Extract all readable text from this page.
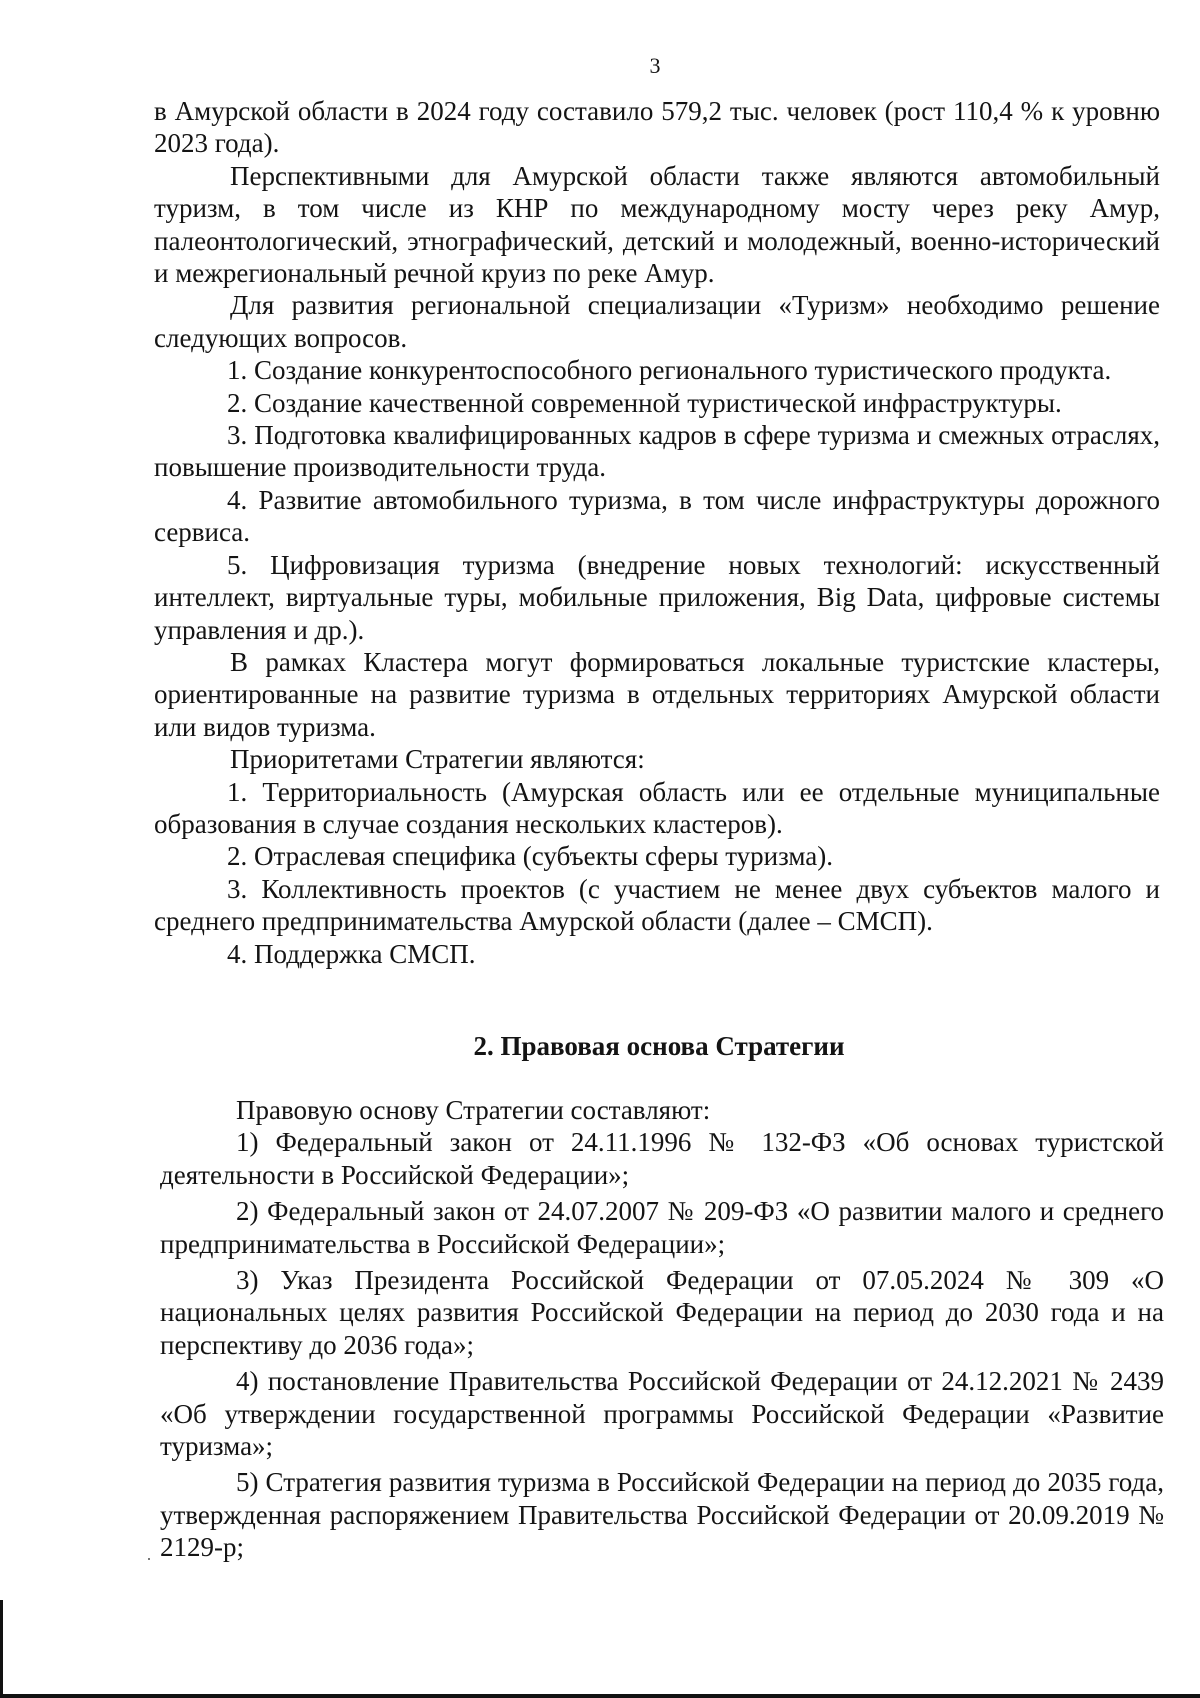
3

в Амурской области в 2024 году составило 579,2 тыс. человек (рост 110,4 % к уровню 2023 года).

Перспективными для Амурской области также являются автомобильный туризм, в том числе из КНР по международному мосту через реку Амур, палеонтологический, этнографический, детский и молодежный, военно-исторический и межрегиональный речной круиз по реке Амур.

Для развития региональной специализации «Туризм» необходимо решение следующих вопросов.

1. Создание конкурентоспособного регионального туристического продукта.

2. Создание качественной современной туристической инфраструктуры.

3. Подготовка квалифицированных кадров в сфере туризма и смежных отраслях, повышение производительности труда.

4. Развитие автомобильного туризма, в том числе инфраструктуры дорожного сервиса.

5. Цифровизация туризма (внедрение новых технологий: искусственный интеллект, виртуальные туры, мобильные приложения, Big Data, цифровые системы управления и др.).

В рамках Кластера могут формироваться локальные туристские кластеры, ориентированные на развитие туризма в отдельных территориях Амурской области или видов туризма.

Приоритетами Стратегии являются:

1. Территориальность (Амурская область или ее отдельные муниципальные образования в случае создания нескольких кластеров).

2. Отраслевая специфика (субъекты сферы туризма).

3. Коллективность проектов (с участием не менее двух субъектов малого и среднего предпринимательства Амурской области (далее – СМСП).

4. Поддержка СМСП.

2. Правовая основа Стратегии

Правовую основу Стратегии составляют:

1) Федеральный закон от 24.11.1996 № 132-ФЗ «Об основах туристской деятельности в Российской Федерации»;

2) Федеральный закон от 24.07.2007 № 209-ФЗ «О развитии малого и среднего предпринимательства в Российской Федерации»;

3) Указ Президента Российской Федерации от 07.05.2024 № 309 «О национальных целях развития Российской Федерации на период до 2030 года и на перспективу до 2036 года»;

4) постановление Правительства Российской Федерации от 24.12.2021 № 2439 «Об утверждении государственной программы Российской Федерации «Развитие туризма»;

5) Стратегия развития туризма в Российской Федерации на период до 2035 года, утвержденная распоряжением Правительства Российской Федерации от 20.09.2019 № 2129-р;
